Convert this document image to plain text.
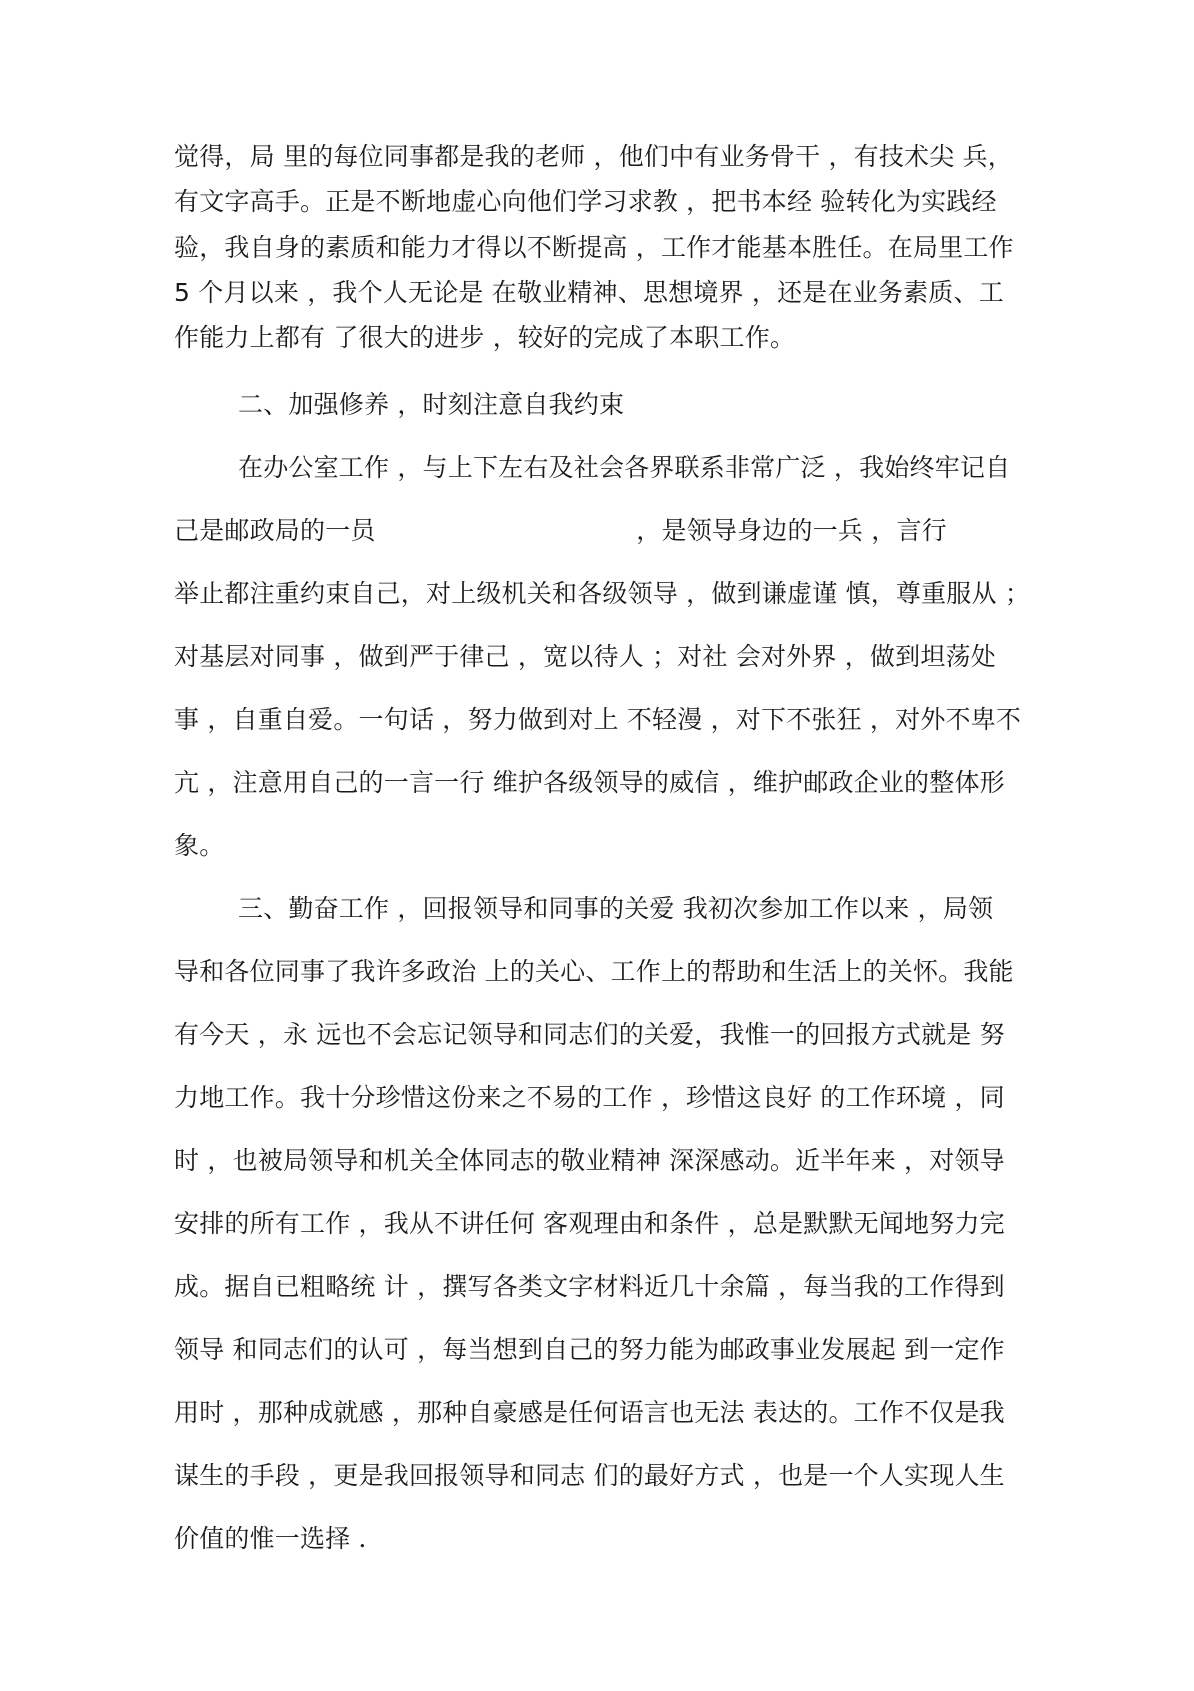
觉得，局 里的每位同事都是我的老师 ，他们中有业务骨干 ，有技术尖 兵，
有文字高手。正是不断地虚心向他们学习求教 ，把书本经 验转化为实践经
验，我自身的素质和能力才得以不断提高 ，工作才能基本胜任。在局里工作
5 个月以来 ，我个人无论是 在敬业精神、思想境界 ，还是在业务素质、工
作能力上都有 了很大的进步 ，较好的完成了本职工作。
二、加强修养 ，时刻注意自我约束
在办公室工作 ，与上下左右及社会各界联系非常广泛 ，我始终牢记自
己是邮政局的一员                                ，是领导身边的一兵 ，言行
举止都注重约束自己，对上级机关和各级领导 ，做到谦虚谨 慎，尊重服从 ；
对基层对同事 ，做到严于律己 ，宽以待人 ；对社 会对外界 ，做到坦荡处
事 ，自重自爱。一句话 ，努力做到对上 不轻漫 ，对下不张狂 ，对外不卑不
亢 ，注意用自己的一言一行 维护各级领导的威信 ，维护邮政企业的整体形
象。
三、勤奋工作 ，回报领导和同事的关爱 我初次参加工作以来 ，局领
导和各位同事了我许多政治 上的关心、工作上的帮助和生活上的关怀。我能
有今天 ，永 远也不会忘记领导和同志们的关爱，我惟一的回报方式就是 努
力地工作。我十分珍惜这份来之不易的工作 ，珍惜这良好 的工作环境 ，同
时 ，也被局领导和机关全体同志的敬业精神 深深感动。近半年来 ，对领导
安排的所有工作 ，我从不讲任何 客观理由和条件 ，总是默默无闻地努力完
成。据自已粗略统 计 ，撰写各类文字材料近几十余篇 ，每当我的工作得到
领导 和同志们的认可 ，每当想到自己的努力能为邮政事业发展起 到一定作
用时 ，那种成就感 ，那种自豪感是任何语言也无法 表达的。工作不仅是我
谋生的手段 ，更是我回报领导和同志 们的最好方式 ，也是一个人实现人生
价值的惟一选择 ．
